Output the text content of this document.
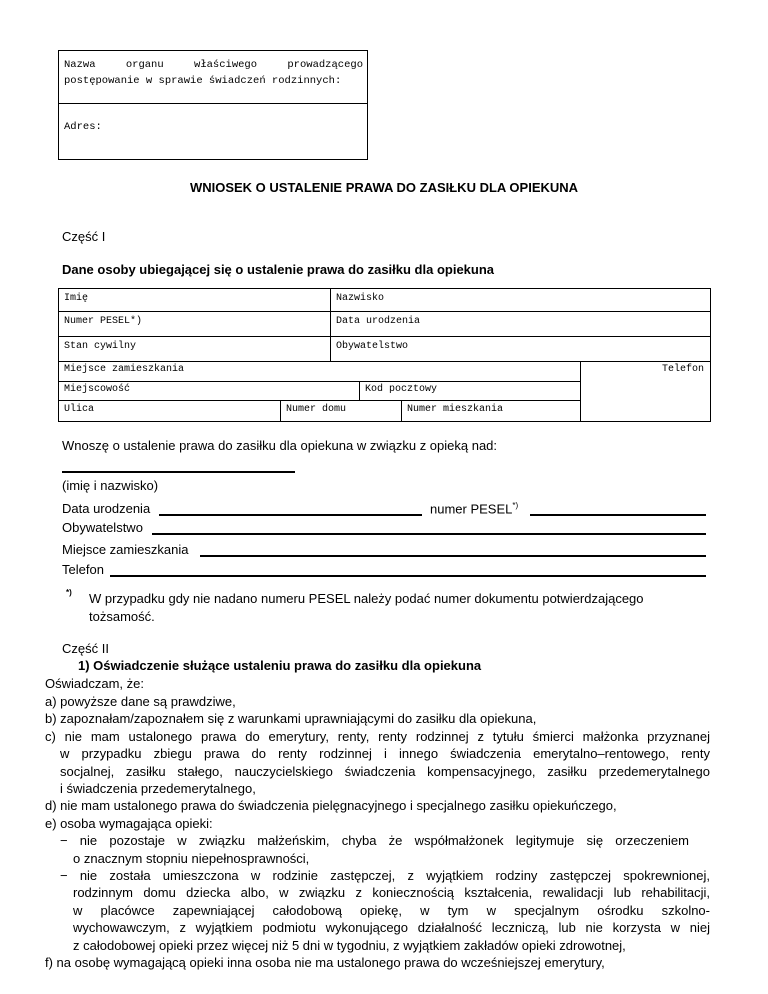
Nazwa organu właściwego prowadzącego
postępowanie w sprawie świadczeń rodzinnych:
Adres:
WNIOSEK O USTALENIE PRAWA DO ZASIŁKU DLA OPIEKUNA
Część I
Dane osoby ubiegającej się o ustalenie prawa do zasiłku dla opiekuna
Imię	Nazwisko
Numer PESEL*)	Data urodzenia
Stan cywilny	Obywatelstwo
Miejsce zamieszkania	Telefon
Miejscowość	Kod pocztowy
Ulica	Numer domu	Numer mieszkania
Wnoszę o ustalenie prawa do zasiłku dla opiekuna w związku z opieką nad:
(imię i nazwisko)
Data urodzenia	numer PESEL*)
Obywatelstwo
Miejsce zamieszkania
Telefon
*) W przypadku gdy nie nadano numeru PESEL należy podać numer dokumentu potwierdzającego
tożsamość.
Część II
1) Oświadczenie służące ustaleniu prawa do zasiłku dla opiekuna
Oświadczam, że:
a) powyższe dane są prawdziwe,
b) zapoznałam/zapoznałem się z warunkami uprawniającymi do zasiłku dla opiekuna,
c) nie mam ustalonego prawa do emerytury, renty, renty rodzinnej z tytułu śmierci małżonka przyznanej
w przypadku zbiegu prawa do renty rodzinnej i innego świadczenia emerytalno–rentowego, renty
socjalnej, zasiłku stałego, nauczycielskiego świadczenia kompensacyjnego, zasiłku przedemerytalnego
i świadczenia przedemerytalnego,
d) nie mam ustalonego prawa do świadczenia pielęgnacyjnego i specjalnego zasiłku opiekuńczego,
e) osoba wymagająca opieki:
− nie pozostaje w związku małżeńskim, chyba że współmałżonek legitymuje się orzeczeniem
o znacznym stopniu niepełnosprawności,
− nie została umieszczona w rodzinie zastępczej, z wyjątkiem rodziny zastępczej spokrewnionej,
rodzinnym domu dziecka albo, w związku z koniecznością kształcenia, rewalidacji lub rehabilitacji,
w placówce zapewniającej całodobową opiekę, w tym w specjalnym ośrodku szkolno-
wychowawczym, z wyjątkiem podmiotu wykonującego działalność leczniczą, lub nie korzysta w niej
z całodobowej opieki przez więcej niż 5 dni w tygodniu, z wyjątkiem zakładów opieki zdrowotnej,
f) na osobę wymagającą opieki inna osoba nie ma ustalonego prawa do wcześniejszej emerytury,
